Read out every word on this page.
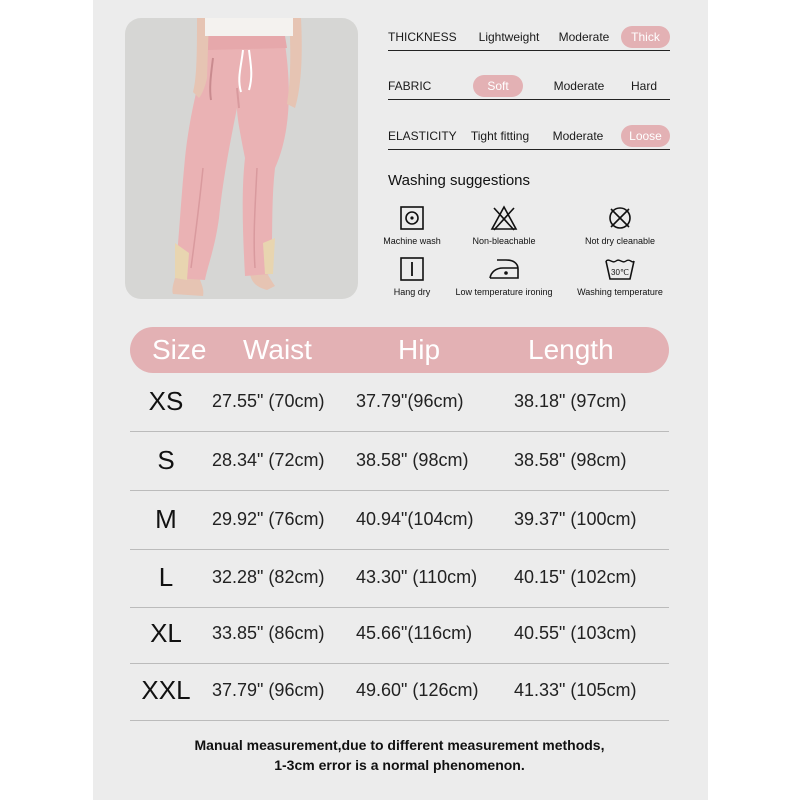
THICKNESS	Lightweight	Moderate	Thick
FABRIC	Soft	Moderate	Hard
ELASTICITY	Tight fitting	Moderate	Loose
Washing suggestions
Machine wash	Non-bleachable	Not dry cleanable
Hang dry	Low temperature ironing
30℃
Washing temperature
Size Waist	Hip	Length
XS	27.55" (70cm) 37.79"(96cm)	38.18" (97cm)
S	28.34" (72cm) 38.58" (98cm)	38.58" (98cm)
M	29.92" (76cm) 40.94"(104cm) 39.37" (100cm)
L	32.28" (82cm) 43.30" (110cm) 40.15" (102cm)
XL	33.85" (86cm) 45.66"(116cm) 40.55" (103cm)
XXL	37.79" (96cm) 49.60" (126cm) 41.33" (105cm)
Manual measurement,due to different measurement methods,
1-3cm error is a normal phenomenon.
